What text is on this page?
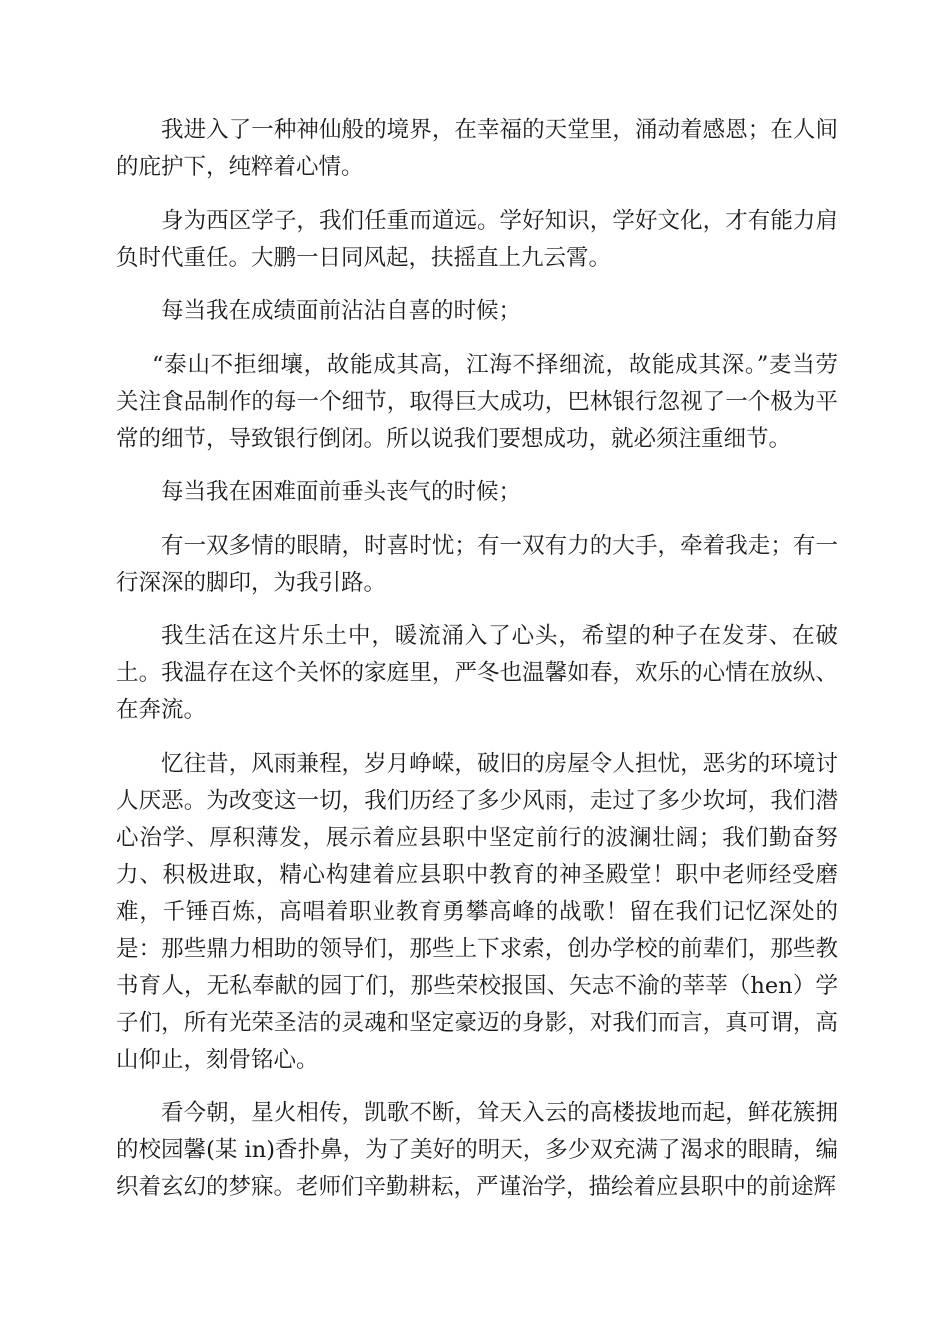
我进入了一种神仙般的境界，在幸福的天堂里，涌动着感恩；在人间的庇护下，纯粹着心情。

身为西区学子，我们任重而道远。学好知识，学好文化，才有能力肩负时代重任。大鹏一日同风起，扶摇直上九云霄。

每当我在成绩面前沾沾自喜的时候；

“泰山不拒细壤，故能成其高，江海不择细流，故能成其深。”麦当劳关注食品制作的每一个细节，取得巨大成功，巴林银行忽视了一个极为平常的细节，导致银行倒闭。所以说我们要想成功，就必须注重细节。

每当我在困难面前垂头丧气的时候；

有一双多情的眼睛，时喜时忧；有一双有力的大手，牵着我走；有一行深深的脚印，为我引路。

我生活在这片乐土中，暖流涌入了心头，希望的种子在发芽、在破土。我温存在这个关怀的家庭里，严冬也温馨如春，欢乐的心情在放纵、在奔流。

忆往昔，风雨兼程，岁月峥嵘，破旧的房屋令人担忧，恶劣的环境讨人厌恶。为改变这一切，我们历经了多少风雨，走过了多少坎坷，我们潜心治学、厚积薄发，展示着应县职中坚定前行的波澜壮阔；我们勤奋努力、积极进取，精心构建着应县职中教育的神圣殿堂！职中老师经受磨难，千锤百炼，高唱着职业教育勇攀高峰的战歌！留在我们记忆深处的是：那些鼎力相助的领导们，那些上下求索，创办学校的前辈们，那些教书育人，无私奉献的园丁们，那些荣校报国、矢志不渝的莘莘（hen）学子们，所有光荣圣洁的灵魂和坚定豪迈的身影，对我们而言，真可谓，高山仰止，刻骨铭心。

看今朝，星火相传，凯歌不断，耸天入云的高楼拔地而起，鲜花簇拥的校园馨(某 in)香扑鼻，为了美好的明天，多少双充满了渴求的眼睛，编织着玄幻的梦寐。老师们辛勤耕耘，严谨治学，描绘着应县职中的前途辉
